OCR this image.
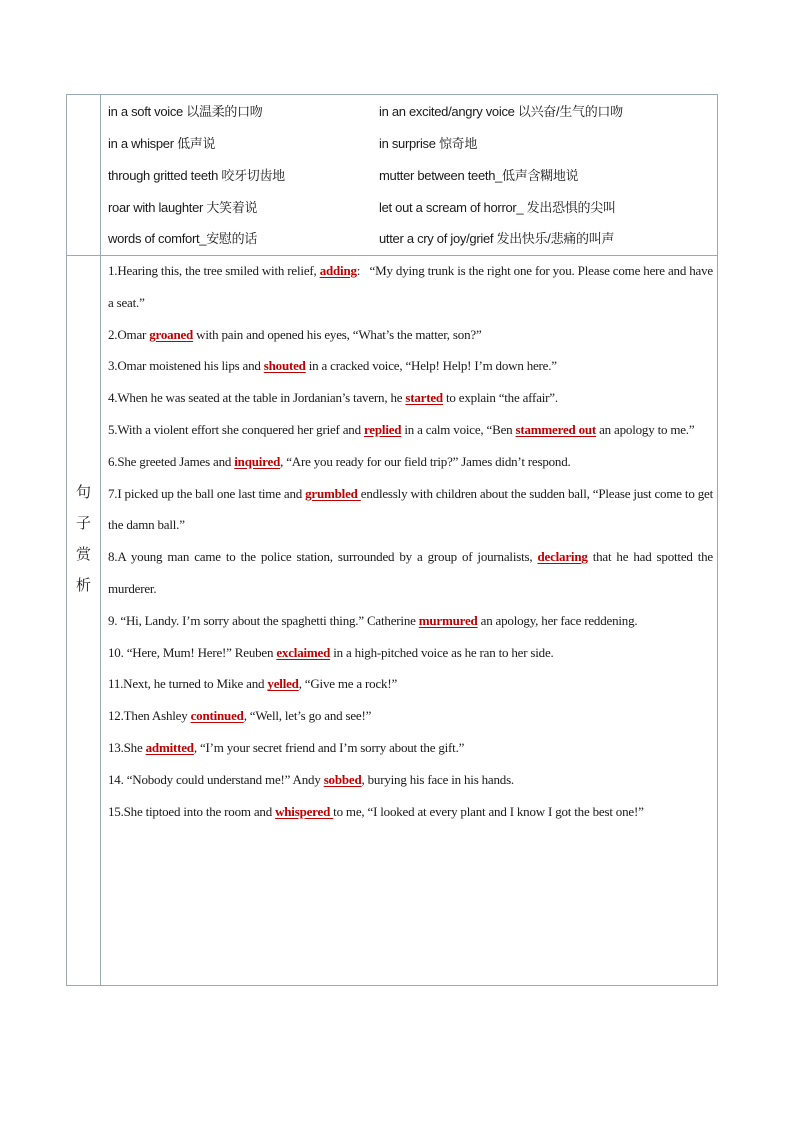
in a soft voice 以温柔的口吻	in an excited/angry voice 以兴奋/生气的口吻
in a whisper 低声说	in surprise 惊奇地
through gritted teeth 咬牙切齿地	mutter between teeth_低声含糊地说
roar with laughter 大笑着说	let out a scream of horror_ 发出恐惧的尖叫
words of comfort_安慰的话	utter a cry of joy/grief 发出快乐/悲痛的叫声
句
子
赏
析
1.Hearing this, the tree smiled with relief, adding:   “My dying trunk is the right one for you. Please come here and have a seat.”
2.Omar groaned with pain and opened his eyes, “What’s the matter, son?”
3.Omar moistened his lips and shouted in a cracked voice, “Help! Help! I’m down here.”
4.When he was seated at the table in Jordanian’s tavern, he started to explain “the affair”.
5.With a violent effort she conquered her grief and replied in a calm voice, “Ben stammered out an apology to me.”
6.She greeted James and inquired, “Are you ready for our field trip?” James didn’t respond.
7.I picked up the ball one last time and grumbled endlessly with children about the sudden ball, “Please just come to get the damn ball.”
8.A young man came to the police station, surrounded by a group of journalists, declaring that he had spotted the murderer.
9. “Hi, Landy. I’m sorry about the spaghetti thing.” Catherine murmured an apology, her face reddening.
10. “Here, Mum! Here!” Reuben exclaimed in a high-pitched voice as he ran to her side.
11.Next, he turned to Mike and yelled, “Give me a rock!”
12.Then Ashley continued, “Well, let’s go and see!”
13.She admitted, “I’m your secret friend and I’m sorry about the gift.”
14. “Nobody could understand me!” Andy sobbed, burying his face in his hands.
15.She tiptoed into the room and whispered to me, “I looked at every plant and I know I got the best one!”
